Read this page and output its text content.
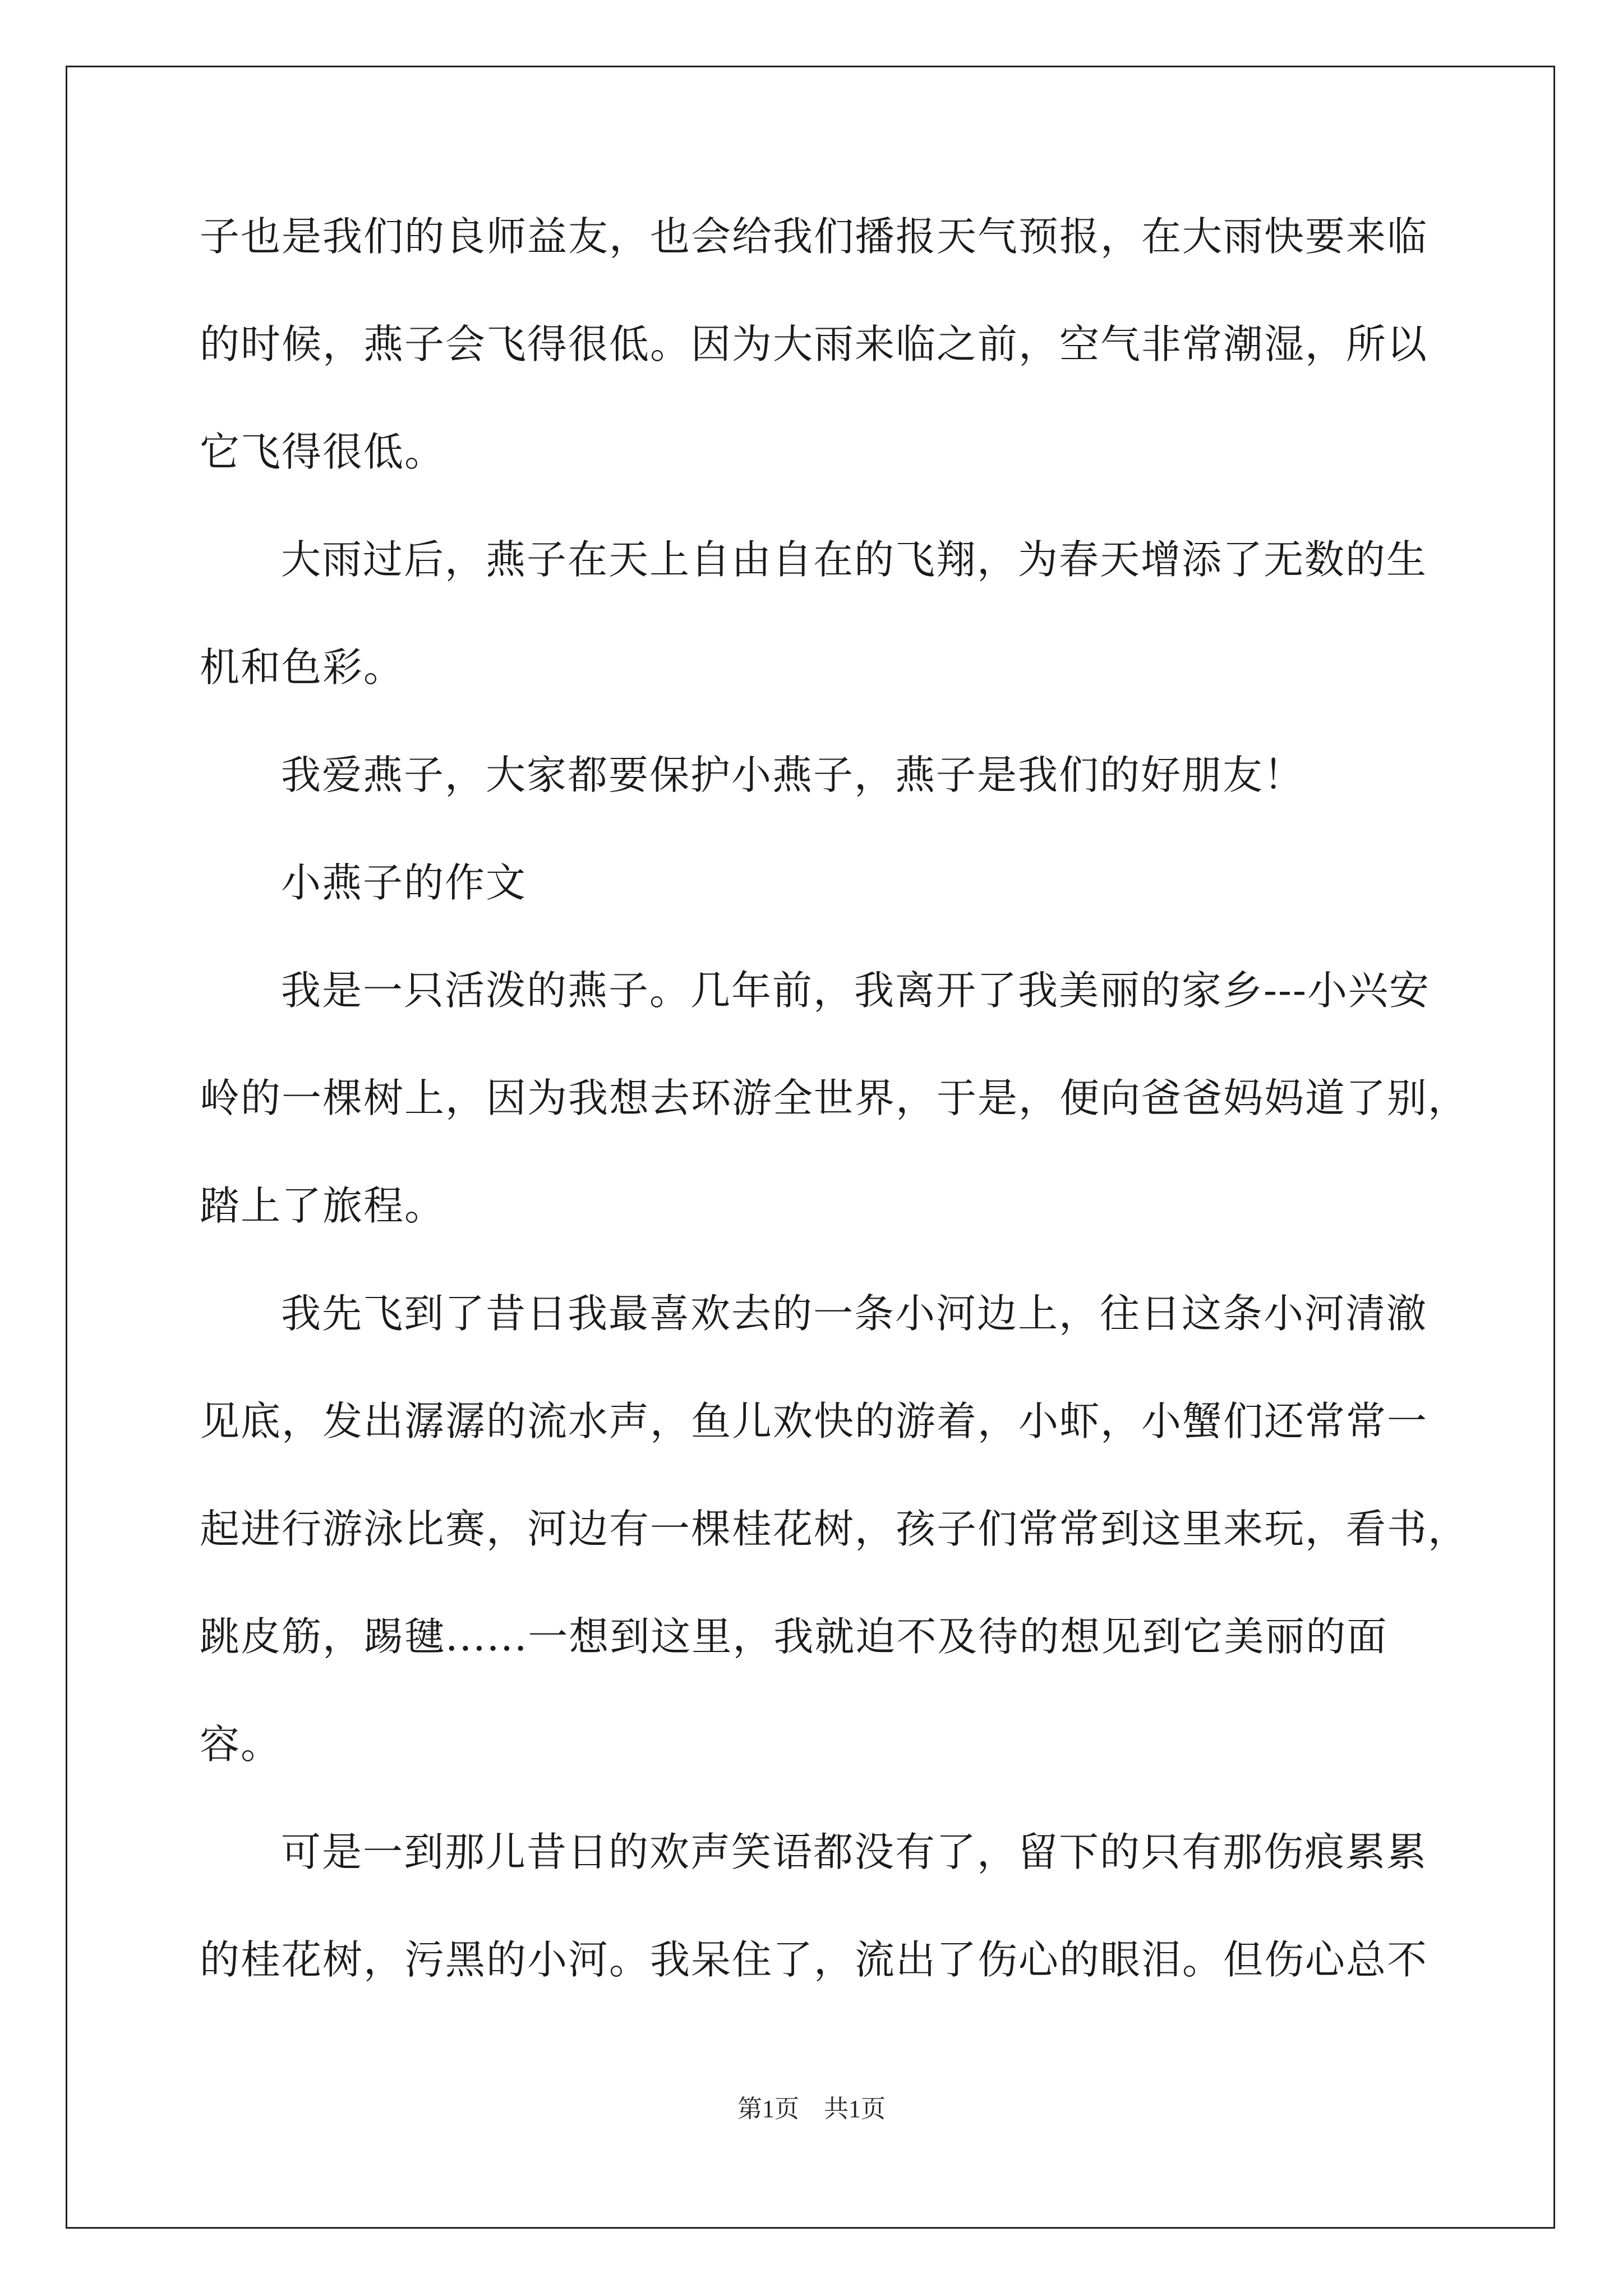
子也是我们的良师益友，也会给我们播报天气预报，在大雨快要来临
的时候，燕子会飞得很低。因为大雨来临之前，空气非常潮湿，所以
它飞得很低。
大雨过后，燕子在天上自由自在的飞翔，为春天增添了无数的生
机和色彩。
我爱燕子，大家都要保护小燕子，燕子是我们的好朋友！
小燕子的作文
我是一只活泼的燕子。几年前，我离开了我美丽的家乡---小兴安
岭的一棵树上，因为我想去环游全世界，于是，便向爸爸妈妈道了别，
踏上了旅程。
我先飞到了昔日我最喜欢去的一条小河边上，往日这条小河清澈
见底，发出潺潺的流水声，鱼儿欢快的游着，小虾，小蟹们还常常一
起进行游泳比赛，河边有一棵桂花树，孩子们常常到这里来玩，看书，
跳皮筋，踢毽......一想到这里，我就迫不及待的想见到它美丽的面
容。
可是一到那儿昔日的欢声笑语都没有了，留下的只有那伤痕累累
的桂花树，污黑的小河。我呆住了，流出了伤心的眼泪。但伤心总不
第1页　共1页
